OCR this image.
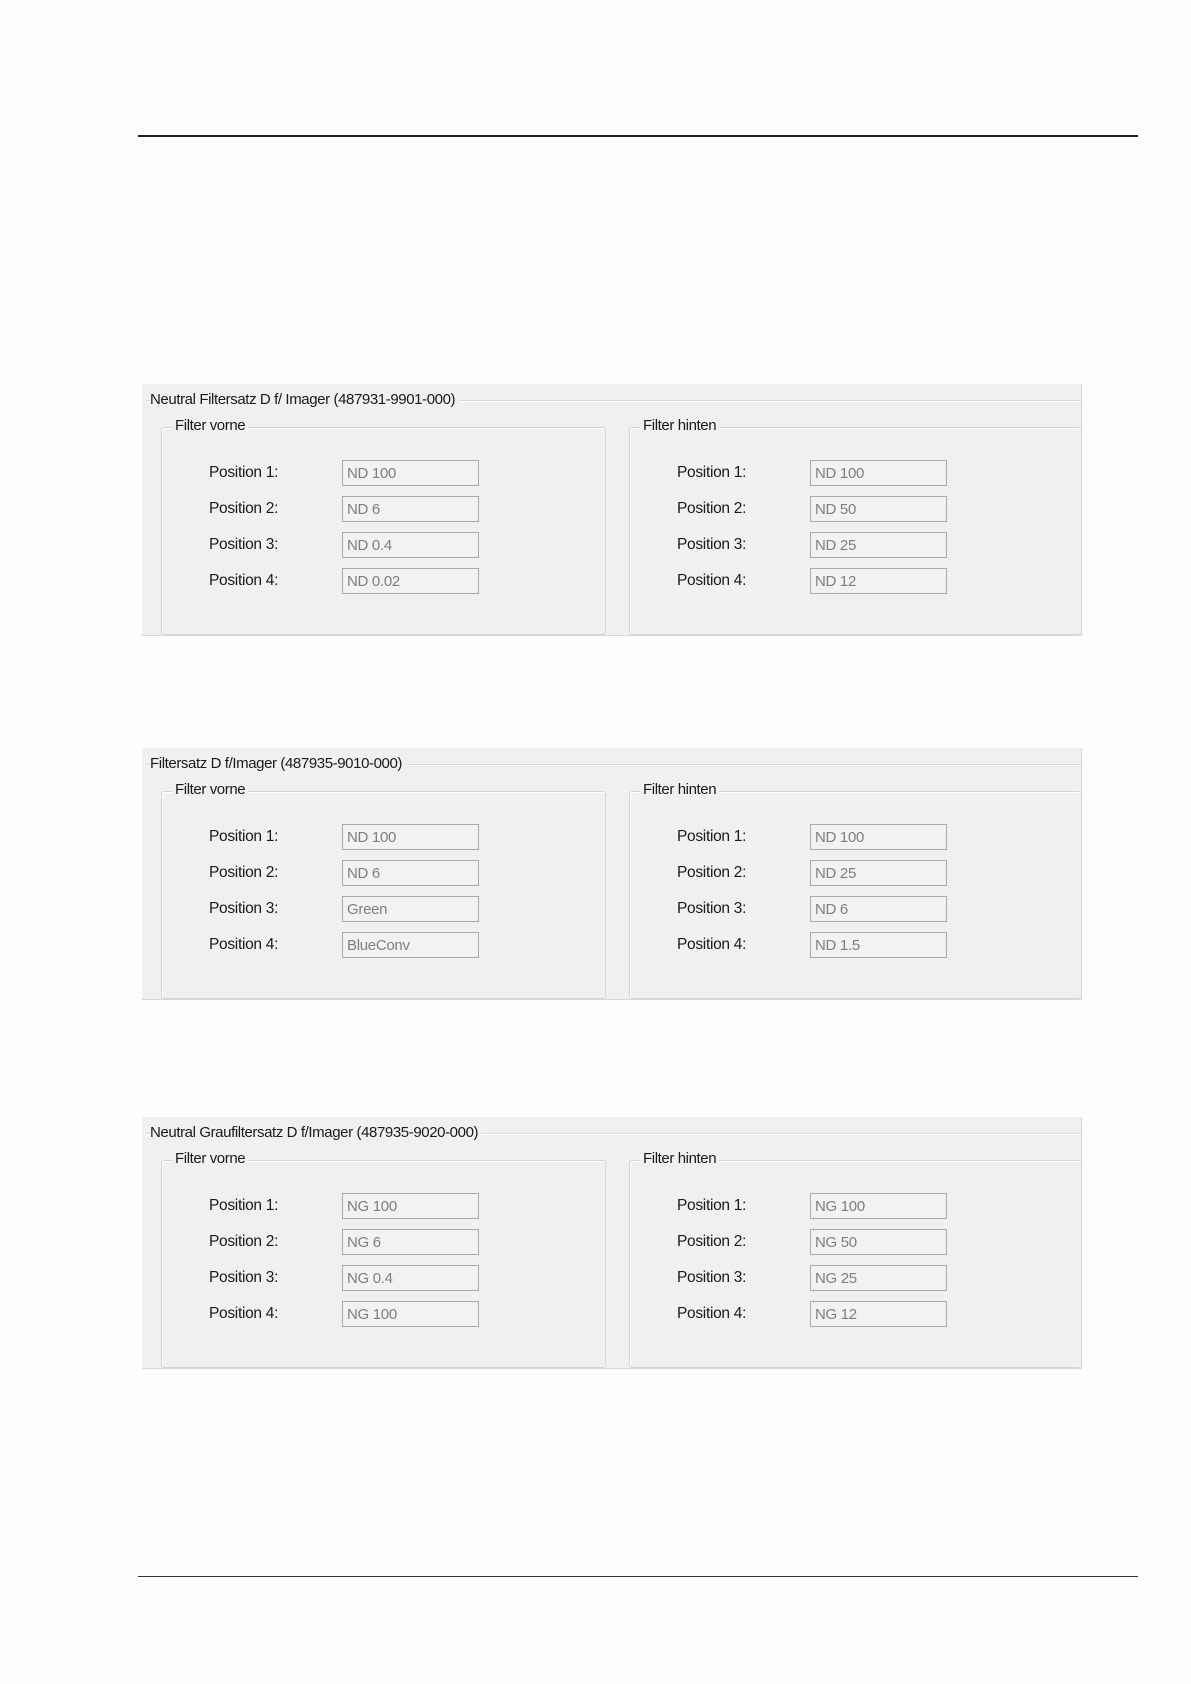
Neutral Filtersatz D f/ Imager (487931-9901-000)
Filter vorne
Position 1:	ND 100
Position 2:	ND 6
Position 3:	ND 0.4
Position 4:	ND 0.02
Filter hinten
Position 1:	ND 100
Position 2:	ND 50
Position 3:	ND 25
Position 4:	ND 12
Filtersatz D f/Imager (487935-9010-000)
Filter vorne
Position 1:	ND 100
Position 2:	ND 6
Position 3:	Green
Position 4:	BlueConv
Filter hinten
Position 1:	ND 100
Position 2:	ND 25
Position 3:	ND 6
Position 4:	ND 1.5
Neutral Graufiltersatz D f/Imager (487935-9020-000)
Filter vorne
Position 1:	NG 100
Position 2:	NG 6
Position 3:	NG 0.4
Position 4:	NG 100
Filter hinten
Position 1:	NG 100
Position 2:	NG 50
Position 3:	NG 25
Position 4:	NG 12
